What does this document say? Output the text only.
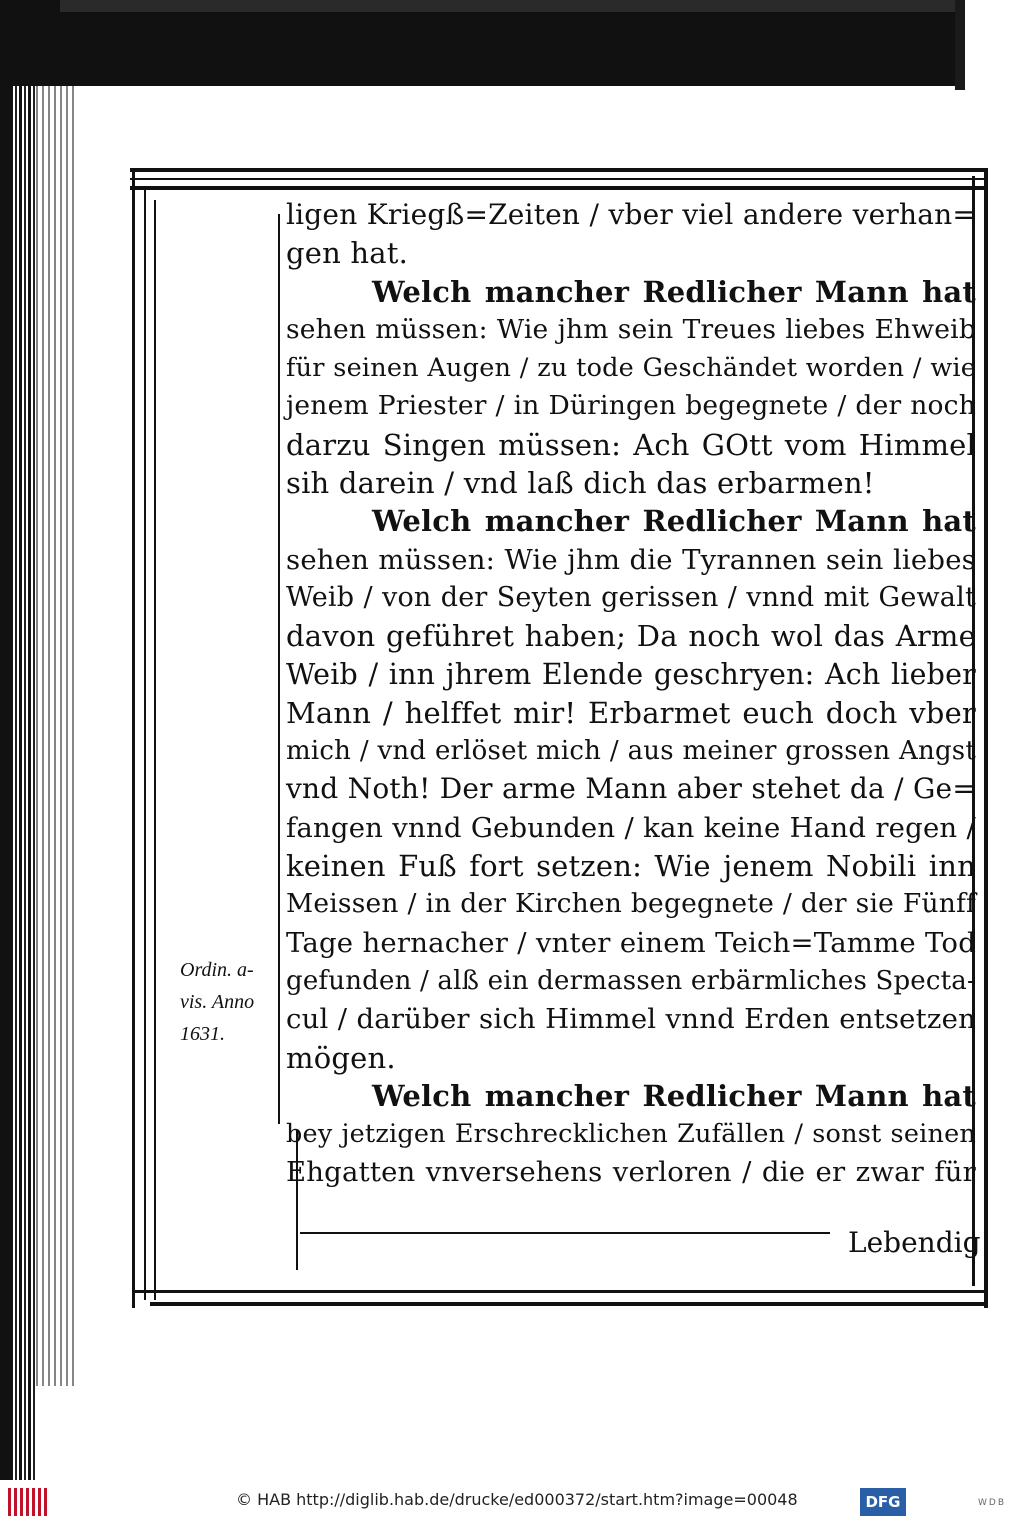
ligen Kriegß=Zeiten / vber viel andere verhan=
gen hat.
Welch mancher Redlicher Mann hat
sehen müssen: Wie jhm sein Treues liebes Ehweib
für seinen Augen / zu tode Geschändet worden / wie
jenem Priester / in Düringen begegnete / der noch
darzu Singen müssen: Ach GOtt vom Himmel
sih darein / vnd laß dich das erbarmen!
Welch mancher Redlicher Mann hat
sehen müssen: Wie jhm die Tyrannen sein liebes
Weib / von der Seyten gerissen / vnnd mit Gewalt
davon geführet haben; Da noch wol das Arme
Weib / inn jhrem Elende geschryen: Ach lieber
Mann / helffet mir! Erbarmet euch doch vber
mich / vnd erlöset mich / aus meiner grossen Angst
vnd Noth! Der arme Mann aber stehet da / Ge=
fangen vnnd Gebunden / kan keine Hand regen /
keinen Fuß fort setzen: Wie jenem Nobili inn
Meissen / in der Kirchen begegnete / der sie Fünff
Tage hernacher / vnter einem Teich=Tamme Tod
gefunden / alß ein dermassen erbärmliches Specta-
cul / darüber sich Himmel vnnd Erden entsetzen
mögen.
Welch mancher Redlicher Mann hat
bey jetzigen Erschrecklichen Zufällen / sonst seinen
Ehgatten vnversehens verloren / die er zwar für
Ordin. a-
vis. Anno
1631.
Lebendig
© HAB http://diglib.hab.de/drucke/ed000372/start.htm?image=00048	DFG	WDB
